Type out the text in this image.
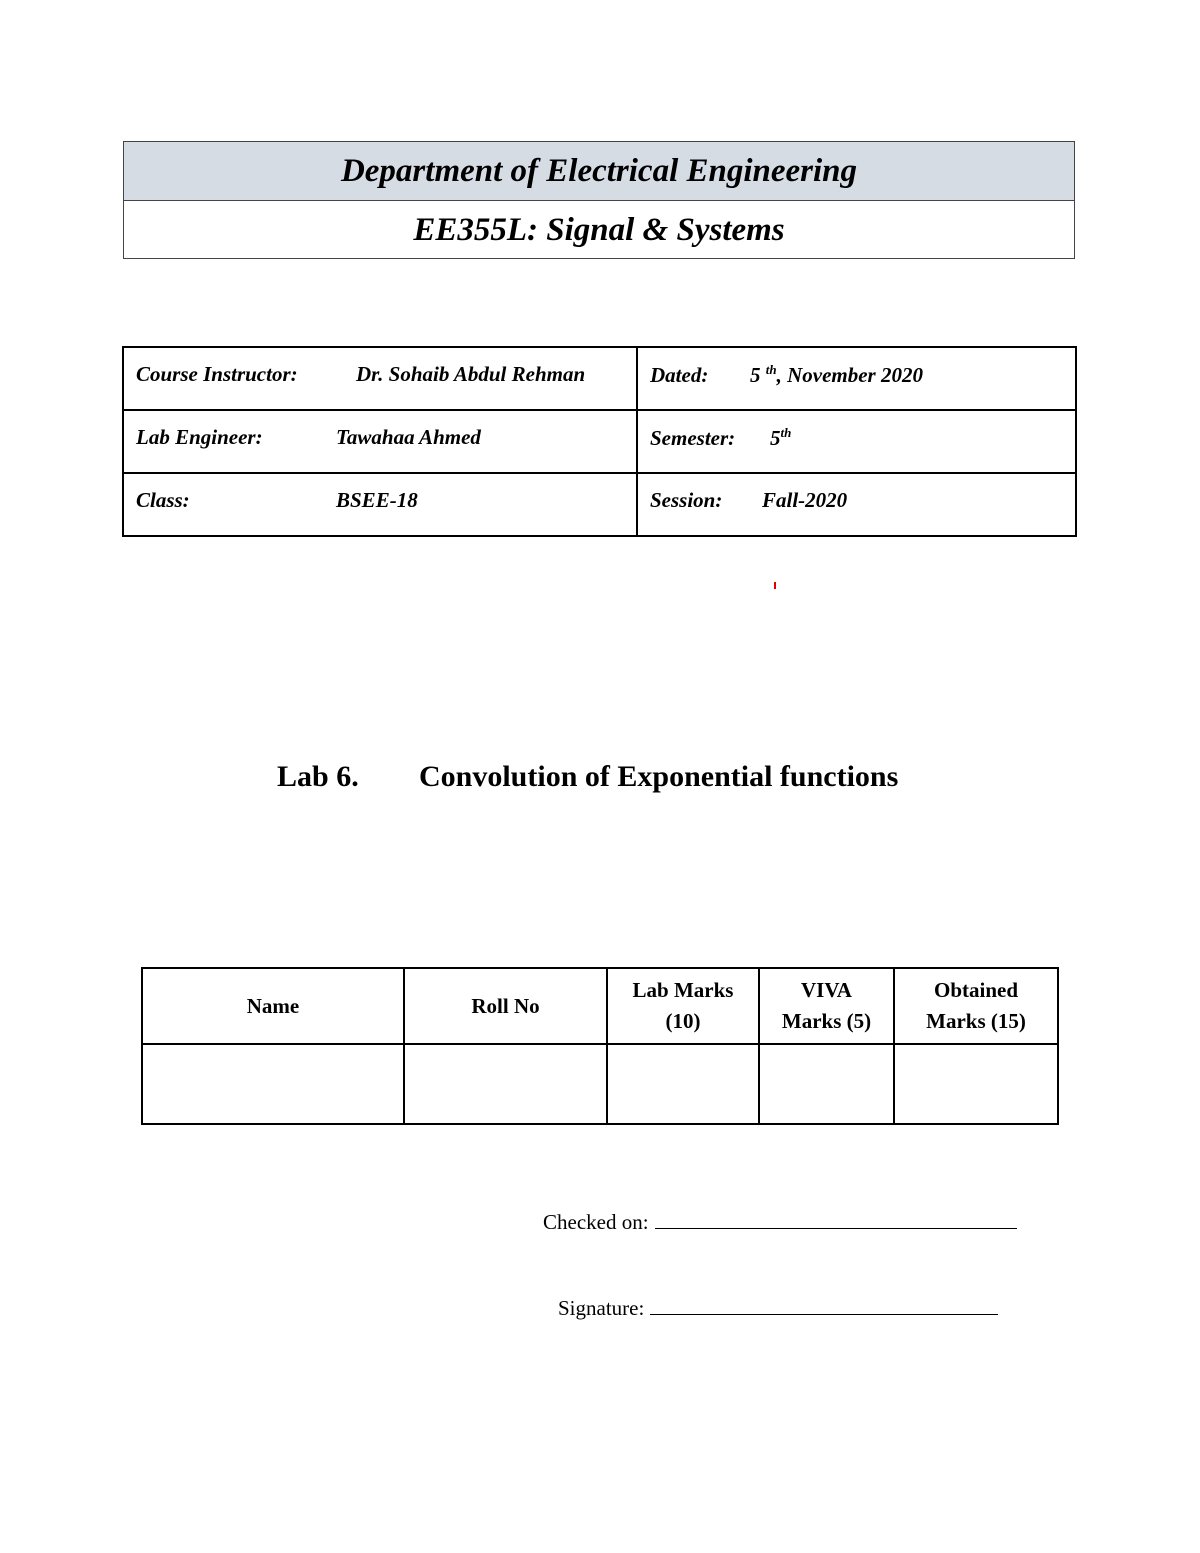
Department of Electrical Engineering
EE355L: Signal & Systems
Course Instructor: Dr. Sohaib Abdul Rehman	Dated: 5 $^{th}$, November 2020

Lab Engineer: Tawahaa Ahmed	Semester: 5th

Class: BSEE-18	Session: Fall-2020
Lab 6. Convolution of Exponential functions
Name	Roll No	Lab Marks (10)	VIVA Marks (5)	Obtained Marks (15)

Checked on:
Signature:
